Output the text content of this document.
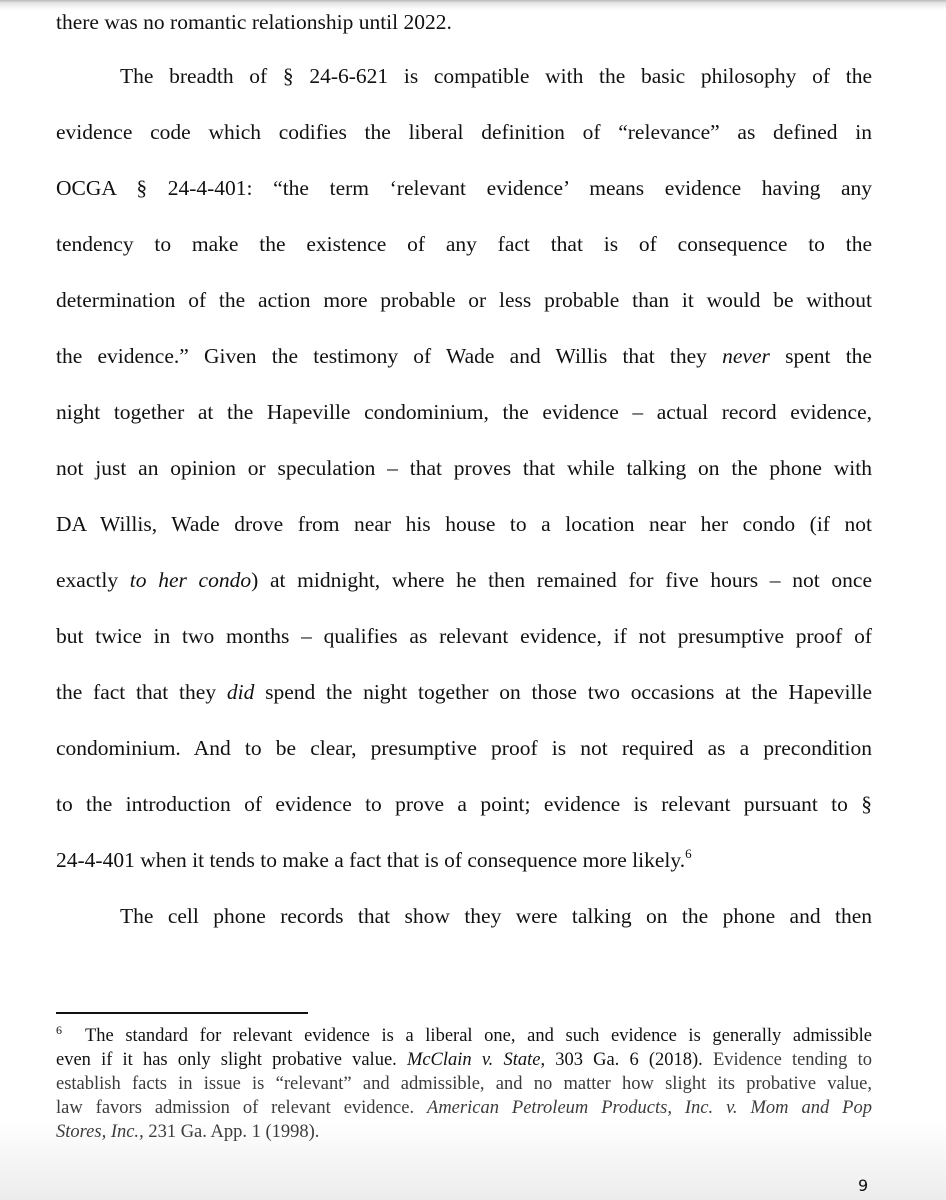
there was no romantic relationship until 2022.
The breadth of § 24-6-621 is compatible with the basic philosophy of the
evidence code which codifies the liberal definition of “relevance” as defined in
OCGA § 24-4-401: “the term ‘relevant evidence’ means evidence having any
tendency to make the existence of any fact that is of consequence to the
determination of the action more probable or less probable than it would be without
the evidence.” Given the testimony of Wade and Willis that they never spent the
night together at the Hapeville condominium, the evidence – actual record evidence,
not just an opinion or speculation – that proves that while talking on the phone with
DA Willis, Wade drove from near his house to a location near her condo (if not
exactly to her condo) at midnight, where he then remained for five hours – not once
but twice in two months – qualifies as relevant evidence, if not presumptive proof of
the fact that they did spend the night together on those two occasions at the Hapeville
condominium. And to be clear, presumptive proof is not required as a precondition
to the introduction of evidence to prove a point; evidence is relevant pursuant to §
24-4-401 when it tends to make a fact that is of consequence more likely.$^6$
The cell phone records that show they were talking on the phone and then
$^6$ The standard for relevant evidence is a liberal one, and such evidence is generally admissible
even if it has only slight probative value. McClain v. State, 303 Ga. 6 (2018). Evidence tending to
establish facts in issue is “relevant” and admissible, and no matter how slight its probative value,
law favors admission of relevant evidence. American Petroleum Products, Inc. v. Mom and Pop
Stores, Inc., 231 Ga. App. 1 (1998).
9
